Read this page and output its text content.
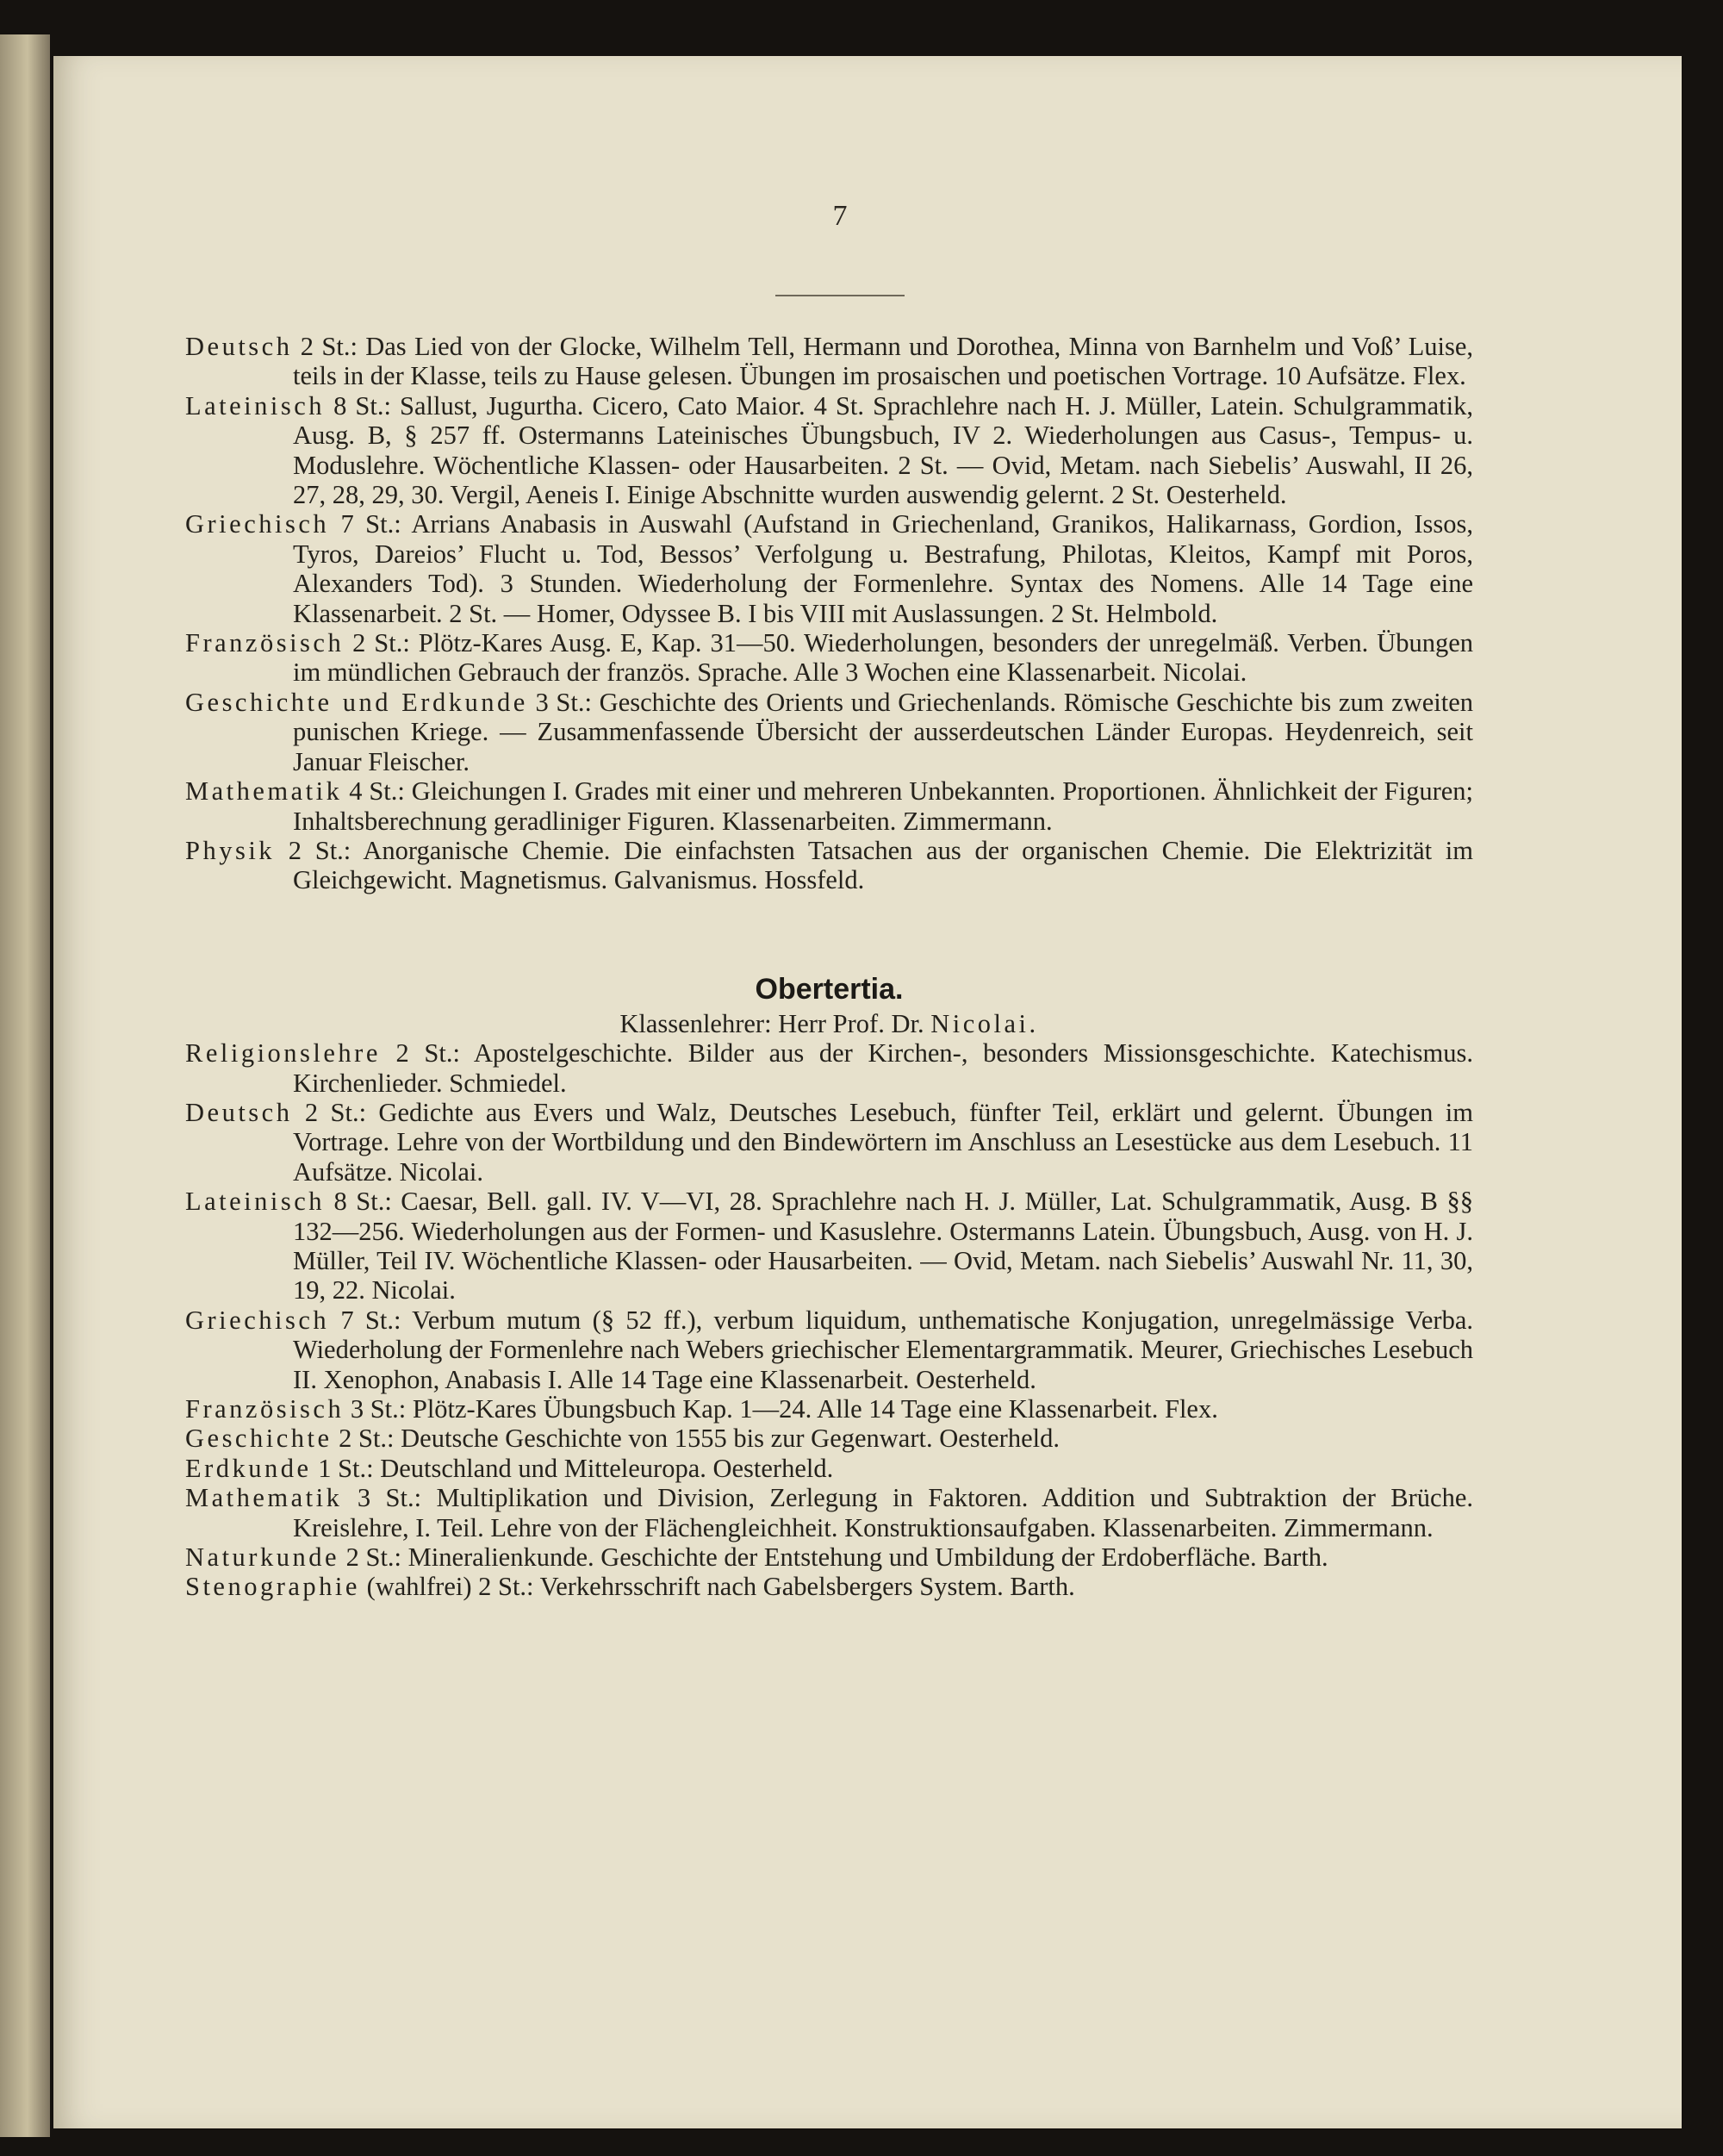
7

Deutsch 2 St.: Das Lied von der Glocke, Wilhelm Tell, Hermann und Dorothea, Minna von Barnhelm und Voß’ Luise, teils in der Klasse, teils zu Hause gelesen. Übungen im prosaischen und poetischen Vortrage. 10 Aufsätze. Flex.

Lateinisch 8 St.: Sallust, Jugurtha. Cicero, Cato Maior. 4 St. Sprachlehre nach H. J. Müller, Latein. Schulgrammatik, Ausg. B, § 257 ff. Ostermanns Lateinisches Übungsbuch, IV 2. Wiederholungen aus Casus-, Tempus- u. Moduslehre. Wöchentliche Klassen- oder Hausarbeiten. 2 St. — Ovid, Metam. nach Siebelis’ Auswahl, II 26, 27, 28, 29, 30. Vergil, Aeneis I. Einige Abschnitte wurden auswendig gelernt. 2 St. Oesterheld.

Griechisch 7 St.: Arrians Anabasis in Auswahl (Aufstand in Griechenland, Granikos, Halikarnass, Gordion, Issos, Tyros, Dareios’ Flucht u. Tod, Bessos’ Verfolgung u. Bestrafung, Philotas, Kleitos, Kampf mit Poros, Alexanders Tod). 3 Stunden. Wiederholung der Formenlehre. Syntax des Nomens. Alle 14 Tage eine Klassenarbeit. 2 St. — Homer, Odyssee B. I bis VIII mit Auslassungen. 2 St. Helmbold.

Französisch 2 St.: Plötz-Kares Ausg. E, Kap. 31—50. Wiederholungen, besonders der unregelmäß. Verben. Übungen im mündlichen Gebrauch der französ. Sprache. Alle 3 Wochen eine Klassenarbeit. Nicolai.

Geschichte und Erdkunde 3 St.: Geschichte des Orients und Griechenlands. Römische Geschichte bis zum zweiten punischen Kriege. — Zusammenfassende Übersicht der ausserdeutschen Länder Europas. Heydenreich, seit Januar Fleischer.

Mathematik 4 St.: Gleichungen I. Grades mit einer und mehreren Unbekannten. Proportionen. Ähnlichkeit der Figuren; Inhaltsberechnung geradliniger Figuren. Klassenarbeiten. Zimmermann.

Physik 2 St.: Anorganische Chemie. Die einfachsten Tatsachen aus der organischen Chemie. Die Elektrizität im Gleichgewicht. Magnetismus. Galvanismus. Hossfeld.

Obertertia.

Klassenlehrer: Herr Prof. Dr. Nicolai.

Religionslehre 2 St.: Apostelgeschichte. Bilder aus der Kirchen-, besonders Missionsgeschichte. Katechismus. Kirchenlieder. Schmiedel.

Deutsch 2 St.: Gedichte aus Evers und Walz, Deutsches Lesebuch, fünfter Teil, erklärt und gelernt. Übungen im Vortrage. Lehre von der Wortbildung und den Bindewörtern im Anschluss an Lesestücke aus dem Lesebuch. 11 Aufsätze. Nicolai.

Lateinisch 8 St.: Caesar, Bell. gall. IV. V—VI, 28. Sprachlehre nach H. J. Müller, Lat. Schulgrammatik, Ausg. B §§ 132—256. Wiederholungen aus der Formen- und Kasuslehre. Ostermanns Latein. Übungsbuch, Ausg. von H. J. Müller, Teil IV. Wöchentliche Klassen- oder Hausarbeiten. — Ovid, Metam. nach Siebelis’ Auswahl Nr. 11, 30, 19, 22. Nicolai.

Griechisch 7 St.: Verbum mutum (§ 52 ff.), verbum liquidum, unthematische Konjugation, unregelmässige Verba. Wiederholung der Formenlehre nach Webers griechischer Elementargrammatik. Meurer, Griechisches Lesebuch II. Xenophon, Anabasis I. Alle 14 Tage eine Klassenarbeit. Oesterheld.

Französisch 3 St.: Plötz-Kares Übungsbuch Kap. 1—24. Alle 14 Tage eine Klassenarbeit. Flex.

Geschichte 2 St.: Deutsche Geschichte von 1555 bis zur Gegenwart. Oesterheld.

Erdkunde 1 St.: Deutschland und Mitteleuropa. Oesterheld.

Mathematik 3 St.: Multiplikation und Division, Zerlegung in Faktoren. Addition und Subtraktion der Brüche. Kreislehre, I. Teil. Lehre von der Flächengleichheit. Konstruktionsaufgaben. Klassenarbeiten. Zimmermann.

Naturkunde 2 St.: Mineralienkunde. Geschichte der Entstehung und Umbildung der Erdoberfläche. Barth.

Stenographie (wahlfrei) 2 St.: Verkehrsschrift nach Gabelsbergers System. Barth.
